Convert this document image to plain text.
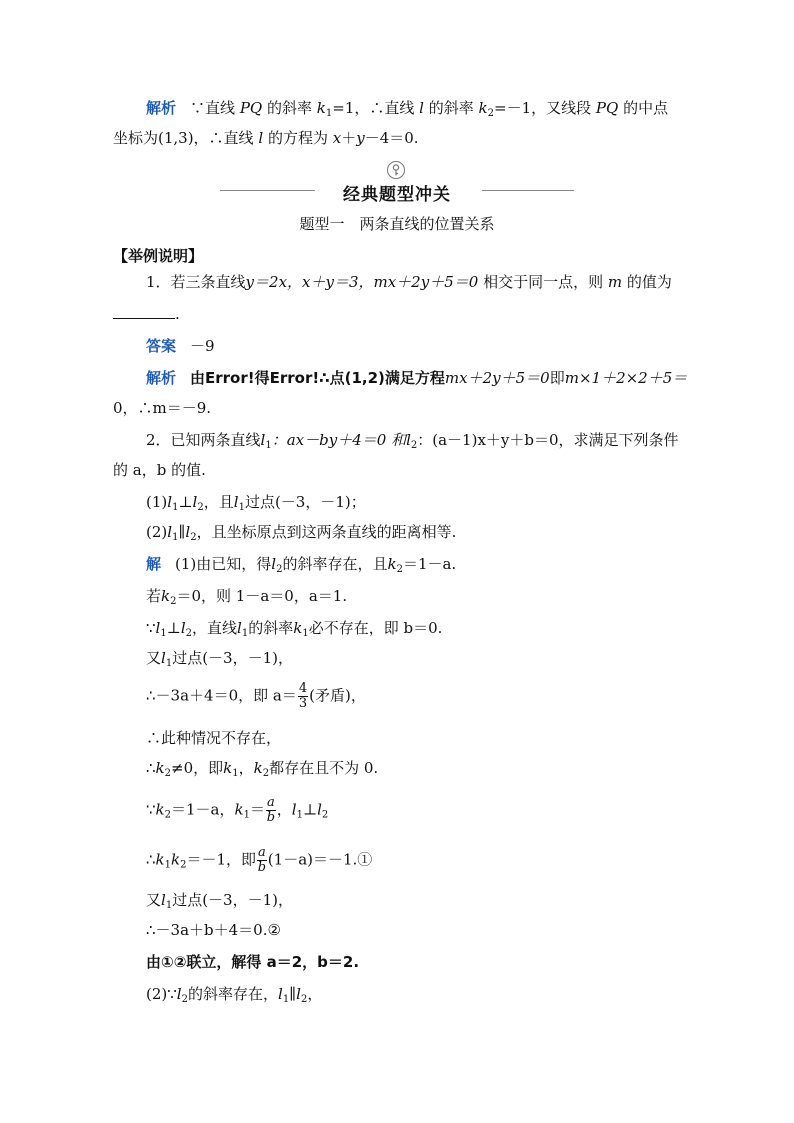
解析 ∵直线 PQ 的斜率 $k_1=1$，∴直线 l 的斜率 $k_2=-1$，又线段 PQ 的中点
坐标为(1,3)，∴直线 l 的方程为 x＋y－4＝0.
经典题型冲关
题型一　两条直线的位置关系
【举例说明】
1．若三条直线y＝2x，x＋y＝3，mx＋2y＋5＝0 相交于同一点，则 m 的值为
.
答案 －9
解析 由Error!得Error!∴点(1,2)满足方程mx＋2y＋5＝0即m×1＋2×2＋5＝
0，∴m＝－9.
2．已知两条直线$l_1$：ax－by＋4＝0 和$l_2$：(a－1)x＋y＋b＝0，求满足下列条件
的 a，b 的值.
$(1)l_1\perp l_2$，且$l_1$过点(－3，－1)；
$(2)l_1\parallel l_2$，且坐标原点到这两条直线的距离相等.
解 (1)由已知，得$l_2$的斜率存在，且$k_2=1-a$.
若$k_2=0$，则 1－a＝0，a＝1.
$\because l_1\perp l_2$，直线$l_1$的斜率$k_1$必不存在，即 b＝0.
又$l_1$过点(－3，－1)，
∴－3a＋4＝0，即 $a= \frac{4}{3}$ (矛盾)，
∴此种情况不存在，
$\therefore k_2\ne 0$，即$k_1$，$k_2$都存在且不为 0.
$\because k_2=1-a$，$k_1= \frac{a}{b}$ ，$l_1\perp l_2$
$\therefore k_1k_2=-1$，即 $\frac{a}{b}$ (1－a)＝－1.①
又$l_1$过点(－3，－1)，
∴－3a＋b＋4＝0.②
由①②联立，解得 a＝2，b＝2.
$(2)\because l_2$的斜率存在，$l_1\parallel l_2$，
